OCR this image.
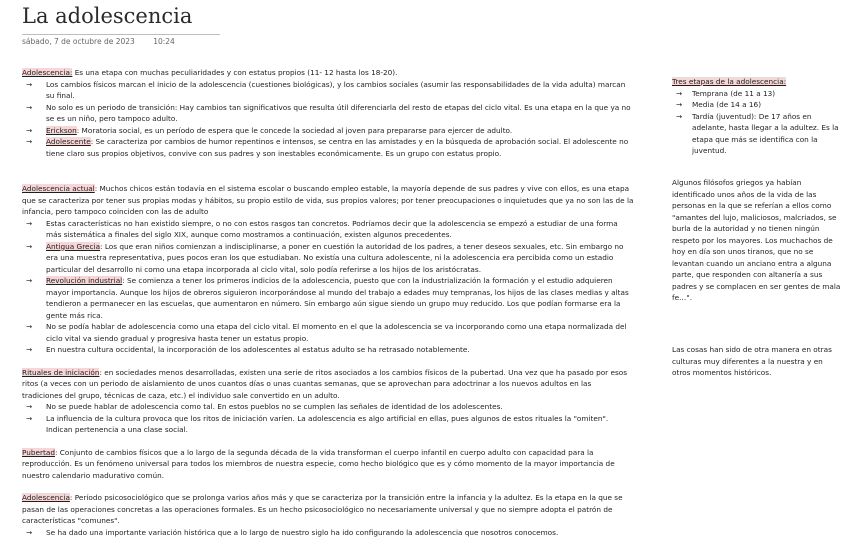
La adolescencia
sábado, 7 de octubre de 2023 10:24

Adolescencia: Es una etapa con muchas peculiaridades y con estatus propios (11- 12 hasta los 18-20).

→ Los cambios físicos marcan el inicio de la adolescencia (cuestiones biológicas), y los cambios sociales (asumir las responsabilidades de la vida adulta) marcan su final.
→ No solo es un periodo de transición: Hay cambios tan significativos que resulta útil diferenciarla del resto de etapas del ciclo vital. Es una etapa en la que ya no se es un niño, pero tampoco adulto.
→ Erickson: Moratoria social, es un período de espera que le concede la sociedad al joven para prepararse para ejercer de adulto.
→ Adolescente: Se caracteriza por cambios de humor repentinos e intensos, se centra en las amistades y en la búsqueda de aprobación social. El adolescente no tiene claro sus propios objetivos, convive con sus padres y son inestables económicamente. Es un grupo con estatus propio.

Adolescencia actual: Muchos chicos están todavía en el sistema escolar o buscando empleo estable, la mayoría depende de sus padres y vive con ellos, es una etapa que se caracteriza por tener sus propias modas y hábitos, su propio estilo de vida, sus propios valores; por tener preocupaciones o inquietudes que ya no son las de la infancia, pero tampoco coinciden con las de adulto

→ Estas características no han existido siempre, o no con estos rasgos tan concretos. Podríamos decir que la adolescencia se empezó a estudiar de una forma más sistemática a finales del siglo XIX, aunque como mostramos a continuación, existen algunos precedentes.
→ Antigua Grecia: Los que eran niños comienzan a indisciplinarse, a poner en cuestión la autoridad de los padres, a tener deseos sexuales, etc. Sin embargo no era una muestra representativa, pues pocos eran los que estudiaban. No existía una cultura adolescente, ni la adolescencia era percibida como un estadio particular del desarrollo ni como una etapa incorporada al ciclo vital, solo podía referirse a los hijos de los aristócratas.
→ Revolución industrial: Se comienza a tener los primeros indicios de la adolescencia, puesto que con la industrialización la formación y el estudio adquieren mayor importancia. Aunque los hijos de obreros siguieron incorporándose al mundo del trabajo a edades muy tempranas, los hijos de las clases medias y altas tendieron a permanecer en las escuelas, que aumentaron en número. Sin embargo aún sigue siendo un grupo muy reducido. Los que podían formarse era la gente más rica.
→ No se podía hablar de adolescencia como una etapa del ciclo vital. El momento en el que la adolescencia se va incorporando como una etapa normalizada del ciclo vital va siendo gradual y progresiva hasta tener un estatus propio.
→ En nuestra cultura occidental, la incorporación de los adolescentes al estatus adulto se ha retrasado notablemente.

Rituales de iniciación: en sociedades menos desarrolladas, existen una serie de ritos asociados a los cambios físicos de la pubertad. Una vez que ha pasado por esos ritos (a veces con un periodo de aislamiento de unos cuantos días o unas cuantas semanas, que se aprovechan para adoctrinar a los nuevos adultos en las tradiciones del grupo, técnicas de caza, etc.) el individuo sale convertido en un adulto.

→ No se puede hablar de adolescencia como tal. En estos pueblos no se cumplen las señales de identidad de los adolescentes.
→ La influencia de la cultura provoca que los ritos de iniciación varíen. La adolescencia es algo artificial en ellas, pues algunos de estos rituales la "omiten". Indican pertenencia a una clase social.

Pubertad: Conjunto de cambios físicos que a lo largo de la segunda década de la vida transforman el cuerpo infantil en cuerpo adulto con capacidad para la reproducción. Es un fenómeno universal para todos los miembros de nuestra especie, como hecho biológico que es y cómo momento de la mayor importancia de nuestro calendario madurativo común.

Adolescencia: Período psicosociológico que se prolonga varios años más y que se caracteriza por la transición entre la infancia y la adultez. Es la etapa en la que se pasan de las operaciones concretas a las operaciones formales. Es un hecho psicosociológico no necesariamente universal y que no siempre adopta el patrón de características "comunes".

→ Se ha dado una importante variación histórica que a lo largo de nuestro siglo ha ido configurando la adolescencia que nosotros conocemos.

Tres etapas de la adolescencia:

→ Temprana (de 11 a 13)
→ Media (de 14 a 16)
→ Tardía (juventud): De 17 años en adelante, hasta llegar a la adultez. Es la etapa que más se identifica con la juventud.

Algunos filósofos griegos ya habían identificado unos años de la vida de las personas en la que se referían a ellos como "amantes del lujo, maliciosos, malcriados, se burla de la autoridad y no tienen ningún respeto por los mayores. Los muchachos de hoy en día son unos tiranos, que no se levantan cuando un anciano entra a alguna parte, que responden con altanería a sus padres y se complacen en ser gentes de mala fe…".

Las cosas han sido de otra manera en otras culturas muy diferentes a la nuestra y en otros momentos históricos.
